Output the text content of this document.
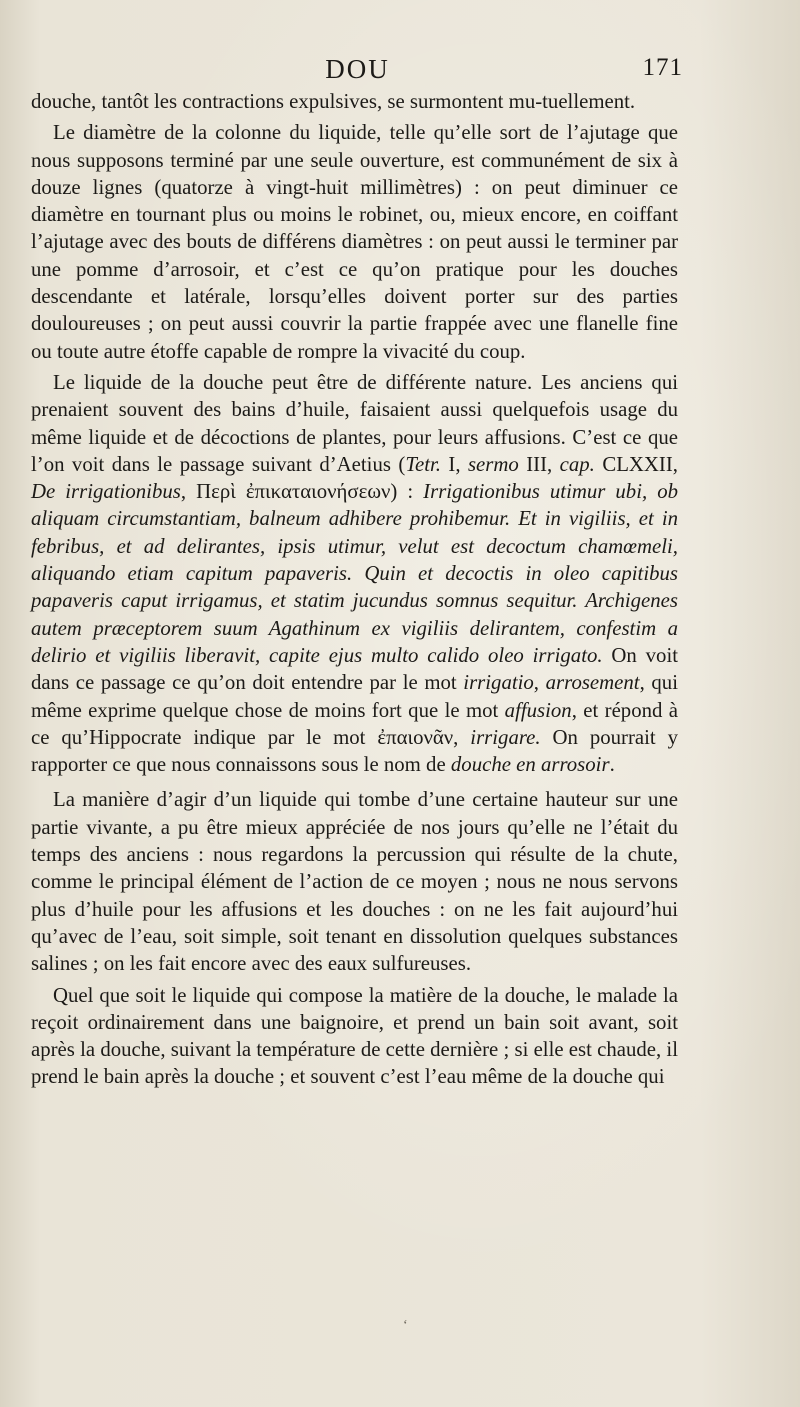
DOU	171

douche, tantôt les contractions expulsives, se surmontent mu-tuellement.

Le diamètre de la colonne du liquide, telle qu’elle sort de l’ajutage que nous supposons terminé par une seule ouverture, est communément de six à douze lignes (quatorze à vingt-huit millimètres) : on peut diminuer ce diamètre en tournant plus ou moins le robinet, ou, mieux encore, en coiffant l’ajutage avec des bouts de différens diamètres : on peut aussi le terminer par une pomme d’arrosoir, et c’est ce qu’on pratique pour les douches descendante et latérale, lorsqu’elles doivent porter sur des parties douloureuses ; on peut aussi couvrir la partie frappée avec une flanelle fine ou toute autre étoffe capable de rompre la vivacité du coup.

Le liquide de la douche peut être de différente nature. Les anciens qui prenaient souvent des bains d’huile, faisaient aussi quelquefois usage du même liquide et de décoctions de plantes, pour leurs affusions. C’est ce que l’on voit dans le passage suivant d’Aetius (Tetr. I, sermo III, cap. CLXXII, De irrigationibus, Περὶ ἐπικαταιονήσεων) : Irrigationibus utimur ubi, ob aliquam circumstantiam, balneum adhibere prohibemur. Et in vigiliis, et in febribus, et ad delirantes, ipsis utimur, velut est decoctum chamœmeli, aliquando etiam capitum papaveris. Quin et decoctis in oleo capitibus papaveris caput irrigamus, et statim jucundus somnus sequitur. Archigenes autem præceptorem suum Agathinum ex vigiliis delirantem, confestim a delirio et vigiliis liberavit, capite ejus multo calido oleo irrigato. On voit dans ce passage ce qu’on doit entendre par le mot irrigatio, arrosement, qui même exprime quelque chose de moins fort que le mot affusion, et répond à ce qu’Hippocrate indique par le mot ἐπαιονᾶν, irrigare. On pourrait y rapporter ce que nous connaissons sous le nom de douche en arrosoir.

La manière d’agir d’un liquide qui tombe d’une certaine hauteur sur une partie vivante, a pu être mieux appréciée de nos jours qu’elle ne l’était du temps des anciens : nous regardons la percussion qui résulte de la chute, comme le principal élément de l’action de ce moyen ; nous ne nous servons plus d’huile pour les affusions et les douches : on ne les fait aujourd’hui qu’avec de l’eau, soit simple, soit tenant en dissolution quelques substances salines ; on les fait encore avec des eaux sulfureuses.

Quel que soit le liquide qui compose la matière de la douche, le malade la reçoit ordinairement dans une baignoire, et prend un bain soit avant, soit après la douche, suivant la température de cette dernière ; si elle est chaude, il prend le bain après la douche ; et souvent c’est l’eau même de la douche qui

‘
